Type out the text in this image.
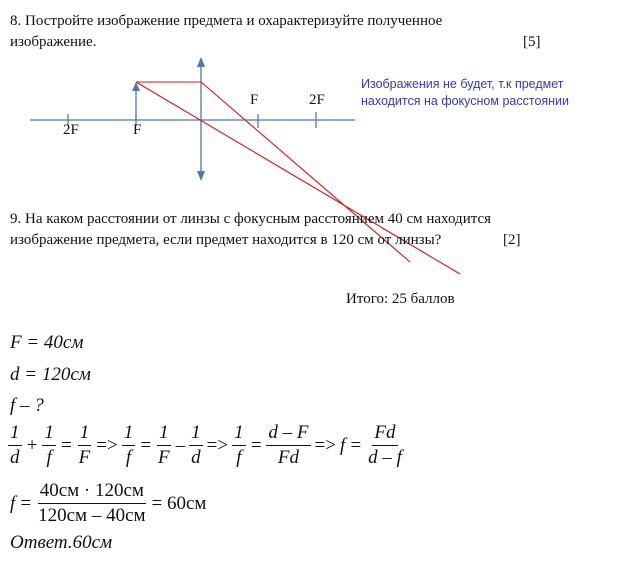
8. Постройте изображение предмета и охарактеризуйте полученное
изображение.	[5]
2F	F
F	2F
Изображения не будет, т.к предмет
находится на фокусном расстоянии
9. На каком расстоянии от линзы с фокусным расстоянием 40 см находится
изображение предмета, если предмет находится в 120 см от линзы?	[2]
Итого: 25 баллов
F = 40см
d = 120см
f – ?
$\frac{1}{d} + \frac{1}{f} = \frac{1}{F} => \frac{1}{f} = \frac{1}{F} - \frac{1}{d} => \frac{1}{f} = \frac{d - F}{Fd} => f = \frac{Fd}{d - f}$
$f = \frac{40см \cdot 120см}{120см - 40см} = 60см$
Ответ.60см
